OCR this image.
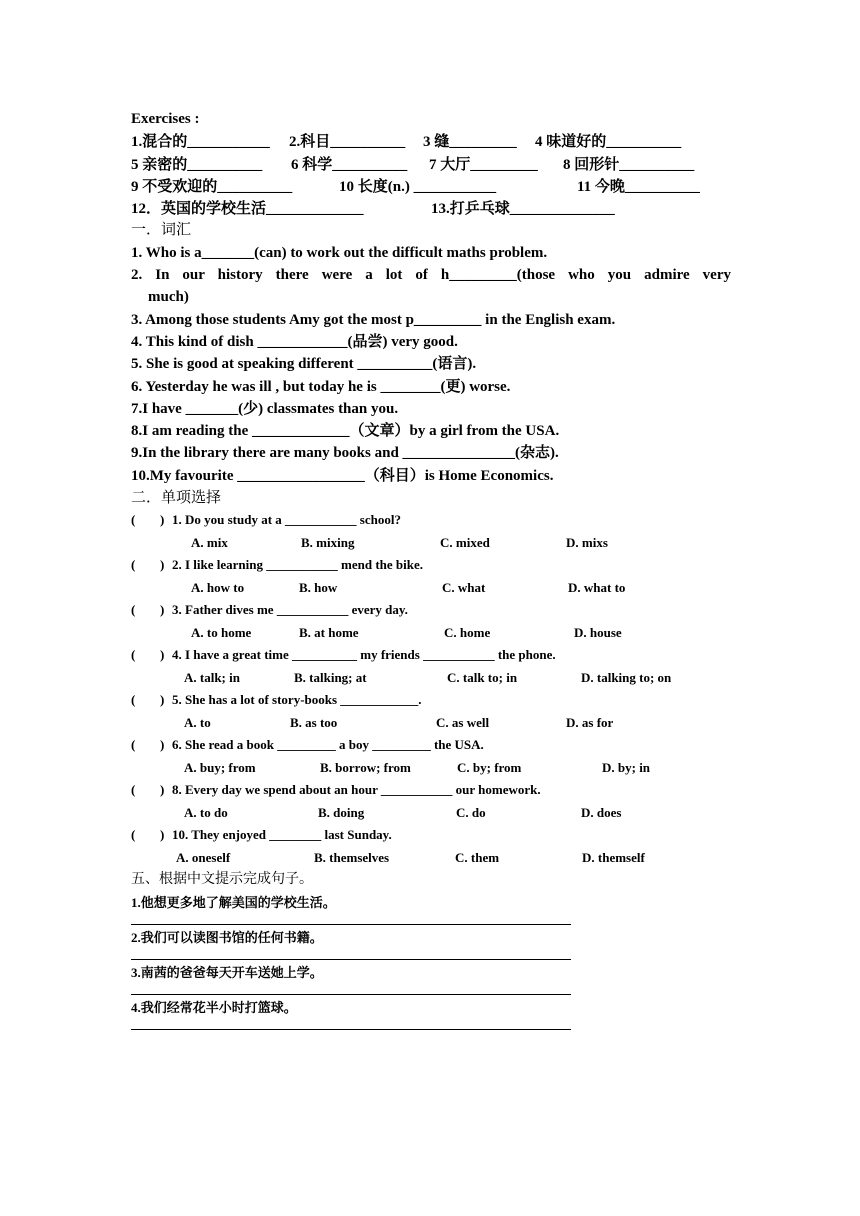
Exercises :
1.混合的___________ 2.科目__________ 3 缝_________ 4 味道好的__________
5 亲密的__________ 6 科学__________ 7 大厅_________ 8 回形针__________
9 不受欢迎的__________	10 长度(n.) ___________	11 今晚__________
12．英国的学校生活_____________	13.打乒乓球______________
一．词汇
1. Who is a_______(can) to work out the difficult maths problem.
2. In our history there were a lot of h_________(those who you admire very
much)
3. Among those students Amy got the most p_________ in the English exam.
4. This kind of dish ____________(品尝) very good.
5. She is good at speaking different __________(语言).
6. Yesterday he was ill , but today he is ________(更) worse.
7.I have _______(少) classmates than you.
8.I am reading the _____________（文章）by a girl from the USA.
9.In the library there are many books and _______________(杂志).
10.My favourite _________________（科目）is Home Economics.
二．单项选择
( ) 1. Do you study at a ___________ school?
A. mix	B. mixing	C. mixed	D. mixs
( ) 2. I like learning ___________ mend the bike.
A. how to	B. how	C. what	D. what to
( ) 3. Father dives me ___________ every day.
A. to home	B. at home	C. home	D. house
( ) 4. I have a great time __________ my friends ___________ the phone.
A. talk; in	B. talking; at	C. talk to; in	D. talking to; on
( ) 5. She has a lot of story-books ____________.
A. to	B. as too	C. as well	D. as for
( ) 6. She read a book _________ a boy _________ the USA.
A. buy; from	B. borrow; from	C. by; from	D. by; in
( ) 8. Every day we spend about an hour ___________ our homework.
A. to do	B. doing	C. do	D. does
( ) 10. They enjoyed ________ last Sunday.
A. oneself	B. themselves	C. them	D. themself
五、根据中文提示完成句子。
1.他想更多地了解美国的学校生活。
2.我们可以读图书馆的任何书籍。
3.南茜的爸爸每天开车送她上学。
4.我们经常花半小时打篮球。
